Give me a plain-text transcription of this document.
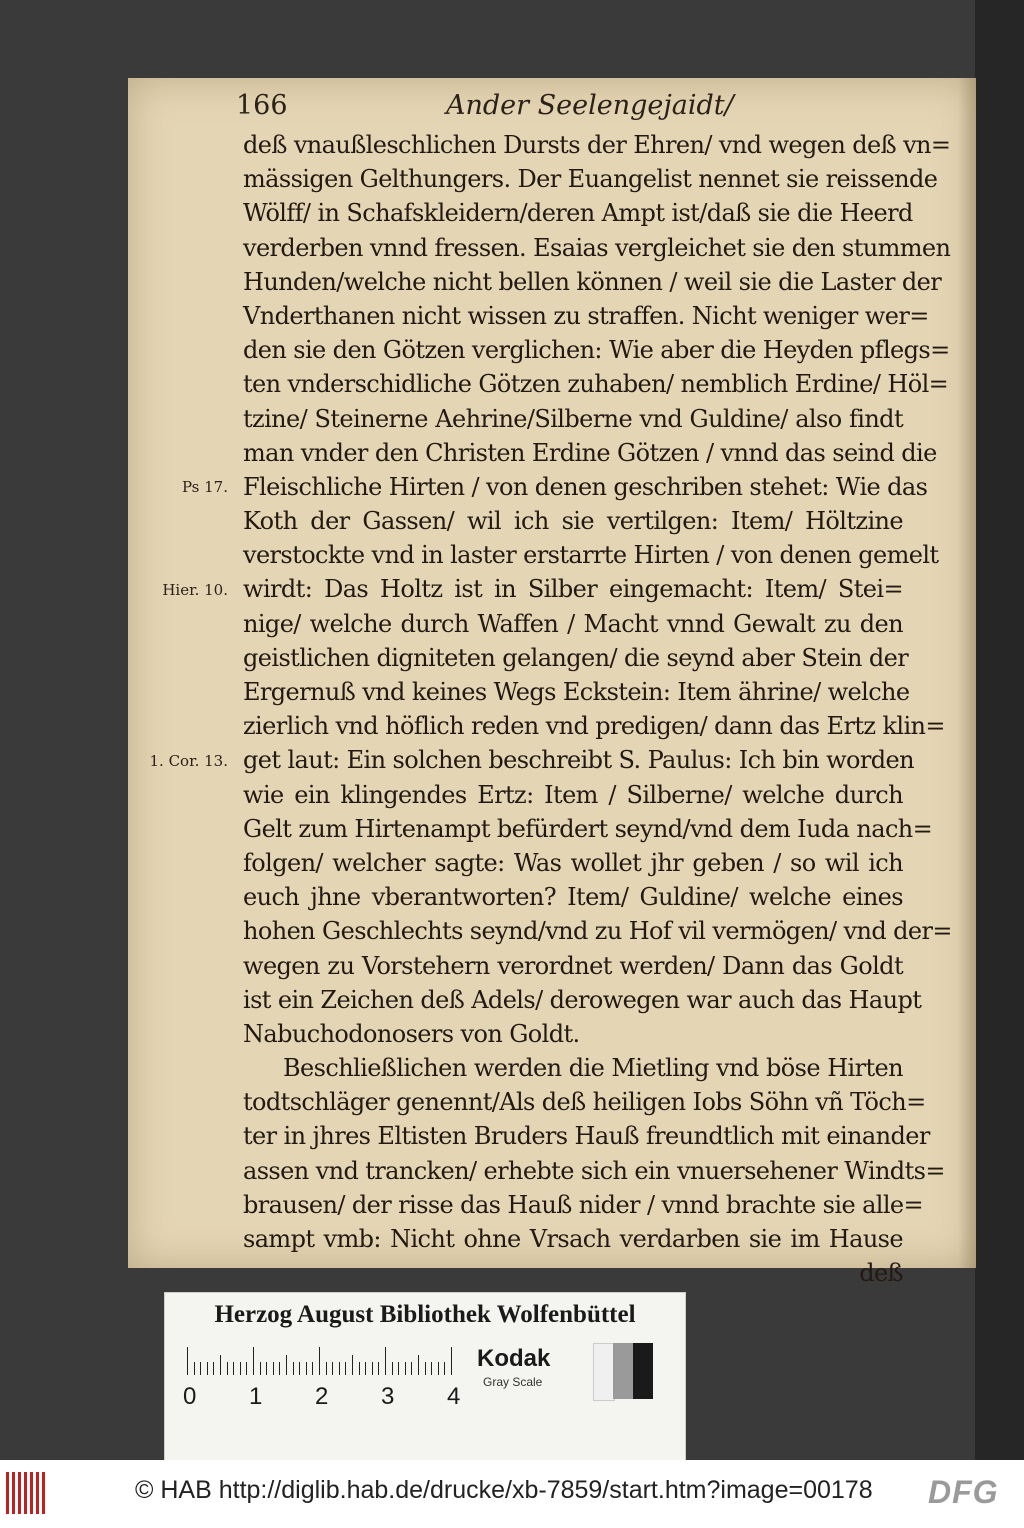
166	Ander Seelengejaidt/
deß vnaußleschlichen Dursts der Ehren/ vnd wegen deß vn=
mässigen Gelthungers. Der Euangelist nennet sie reissende
Wölff/ in Schafskleidern/deren Ampt ist/daß sie die Heerd
verderben vnnd fressen. Esaias vergleichet sie den stummen
Hunden/welche nicht bellen können / weil sie die Laster der
Vnderthanen nicht wissen zu straffen. Nicht weniger wer=
den sie den Götzen verglichen: Wie aber die Heyden pflegs=
ten vnderschidliche Götzen zuhaben/ nemblich Erdine/ Höl=
tzine/ Steinerne Aehrine/Silberne vnd Guldine/ also findt
man vnder den Christen Erdine Götzen / vnnd das seind die
Fleischliche Hirten / von denen geschriben stehet: Wie das
Koth der Gassen/ wil ich sie vertilgen: Item/ Höltzine
verstockte vnd in laster erstarrte Hirten / von denen gemelt
wirdt: Das Holtz ist in Silber eingemacht: Item/ Stei=
nige/ welche durch Waffen / Macht vnnd Gewalt zu den
geistlichen digniteten gelangen/ die seynd aber Stein der
Ergernuß vnd keines Wegs Eckstein: Item ährine/ welche
zierlich vnd höflich reden vnd predigen/ dann das Ertz klin=
get laut: Ein solchen beschreibt S. Paulus: Ich bin worden
wie ein klingendes Ertz: Item / Silberne/ welche durch
Gelt zum Hirtenampt befürdert seynd/vnd dem Iuda nach=
folgen/ welcher sagte: Was wollet jhr geben / so wil ich
euch jhne vberantworten? Item/ Guldine/ welche eines
hohen Geschlechts seynd/vnd zu Hof vil vermögen/ vnd der=
wegen zu Vorstehern verordnet werden/ Dann das Goldt
ist ein Zeichen deß Adels/ derowegen war auch das Haupt
Nabuchodonosers von Goldt.
Beschließlichen werden die Mietling vnd böse Hirten
todtschläger genennt/Als deß heiligen Iobs Söhn vñ Töch=
ter in jhres Eltisten Bruders Hauß freundtlich mit einander
assen vnd trancken/ erhebte sich ein vnuersehener Windts=
brausen/ der risse das Hauß nider / vnnd brachte sie alle=
sampt vmb: Nicht ohne Vrsach verdarben sie im Hause
deß
Ps 17.
Hier. 10.
1. Cor. 13.
Herzog August Bibliothek Wolfenbüttel
0 1 2 3 4
Kodak
Gray Scale
© HAB http://diglib.hab.de/drucke/xb-7859/start.htm?image=00178 DFG
